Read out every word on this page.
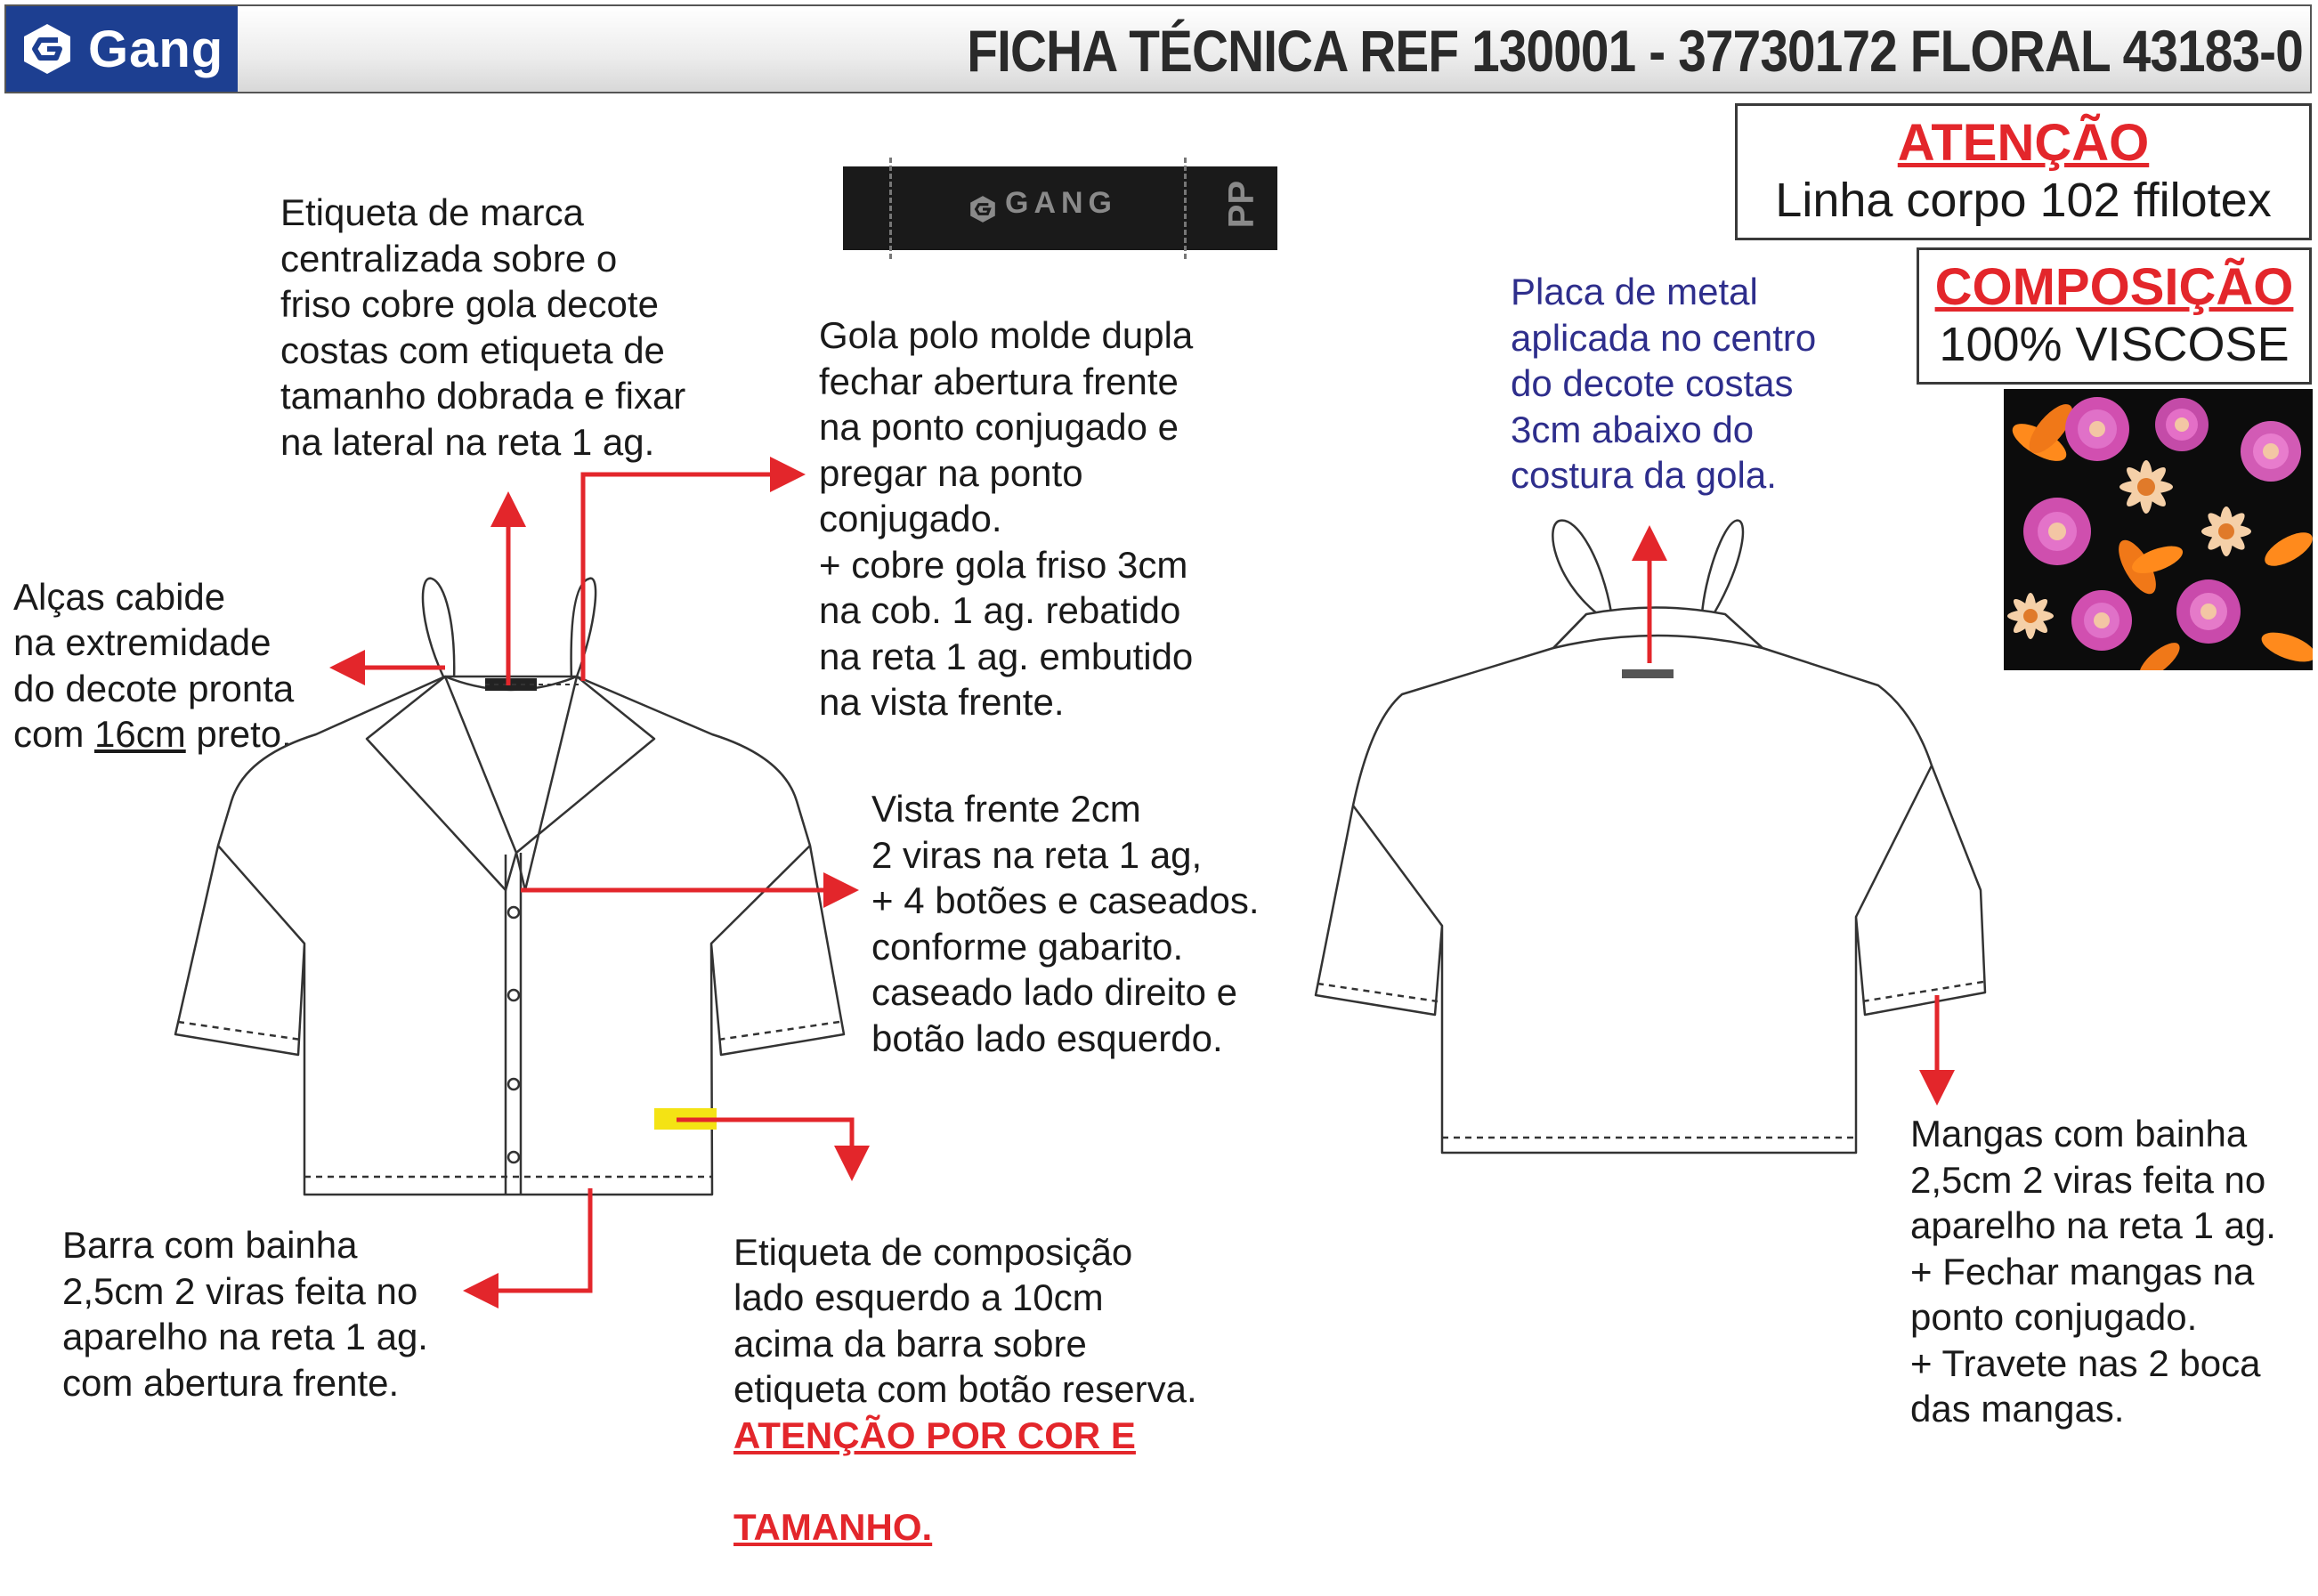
Gang	FICHA TÉCNICA REF 130001 - 37730172 FLORAL 43183-0
ATENÇÃO
Linha corpo 102 ffilotex
COMPOSIÇÃO
100% VISCOSE
GANG	PP
Etiqueta de marca
centralizada sobre o
friso cobre gola decote
costas com etiqueta de
tamanho dobrada e fixar
na lateral na reta 1 ag.
Gola polo molde dupla
fechar abertura frente
na ponto conjugado e
pregar na ponto
conjugado.
+ cobre gola friso 3cm
na cob. 1 ag. rebatido
na reta 1 ag. embutido
na vista frente.

Alças cabide
na extremidade
do decote pronta
com 16cm preto.

Vista frente 2cm
2 viras na reta 1 ag,
+ 4 botões e caseados.
conforme gabarito.
caseado lado direito e
botão lado esquerdo.
Barra com bainha
2,5cm 2 viras feita no
aparelho na reta 1 ag.
com abertura frente.

Etiqueta de composição
lado esquerdo a 10cm
acima da barra sobre
etiqueta com botão reserva.

ATENÇÃO POR COR E

TAMANHO.

Placa de metal
aplicada no centro
do decote costas
3cm abaixo do
costura da gola.
Mangas com bainha
2,5cm 2 viras feita no
aparelho na reta 1 ag.
+ Fechar mangas na
ponto conjugado.
+ Travete nas 2 boca
das mangas.
